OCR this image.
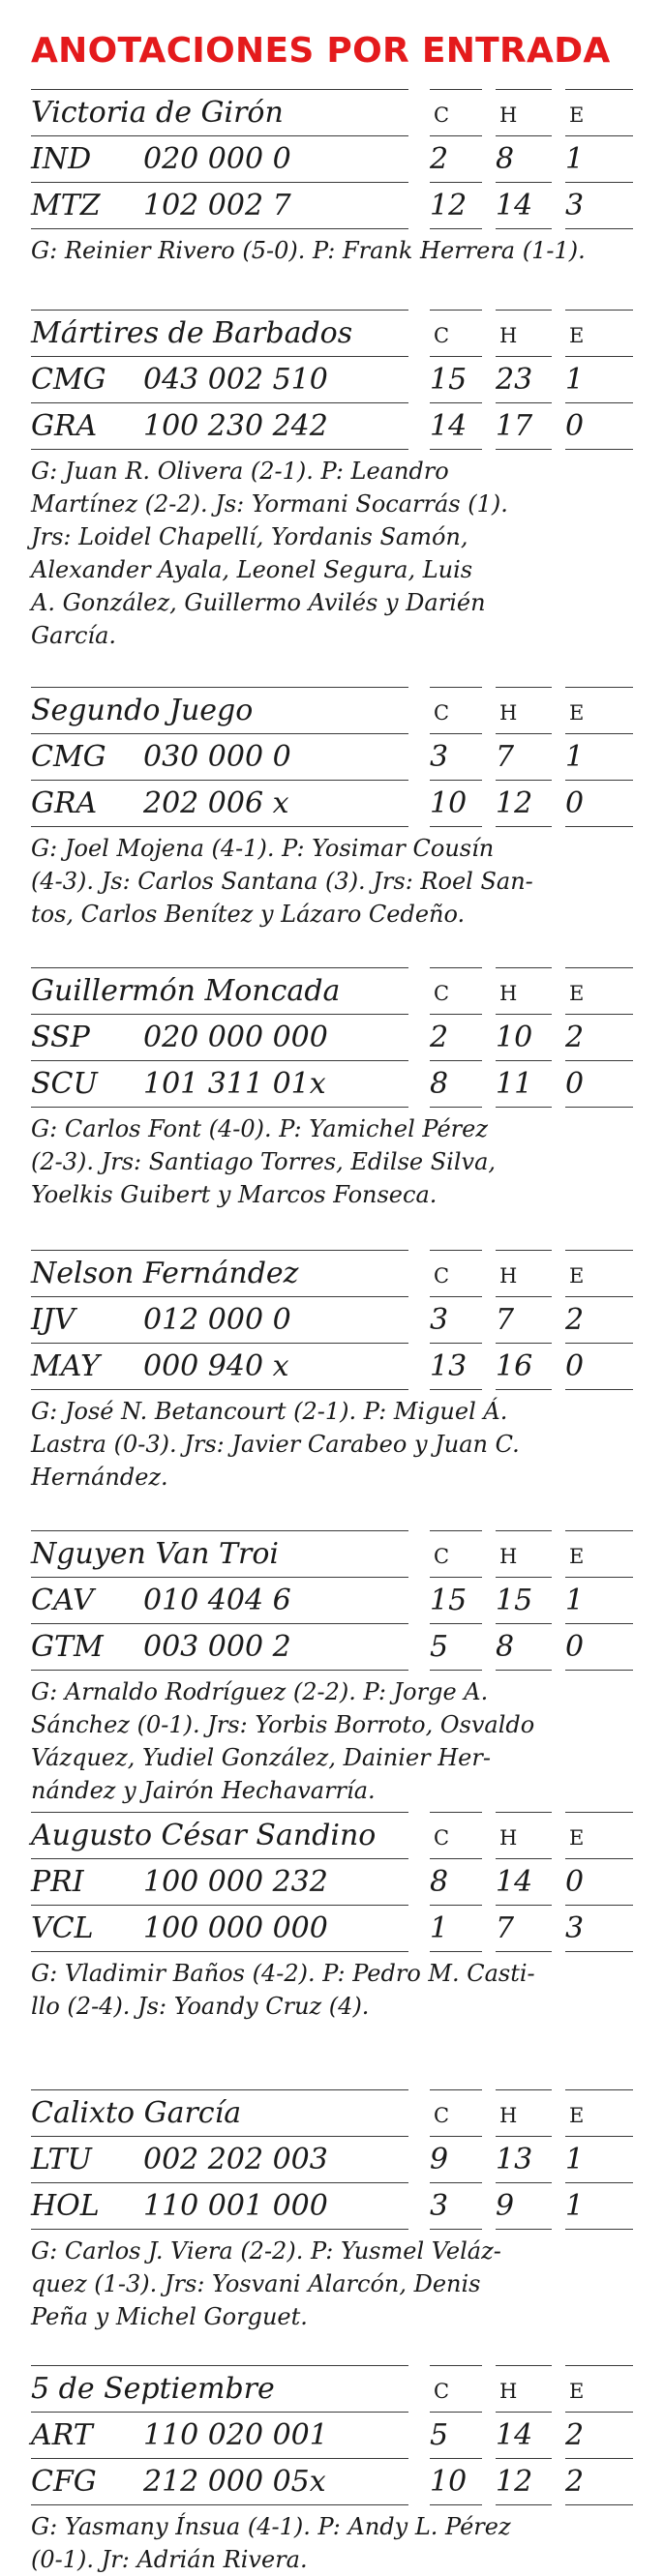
ANOTACIONES POR ENTRADA
Victoria de Girón	C H	E
IND 020 000 0	2 8 1
MTZ 102 002 7	12 14 3

G: Reinier Rivero (5-0). P: Frank Herrera (1-1).

Mártires de Barbados	C H	E
CMG 043 002 510	15 23 1
GRA 100 230 242	14 17 0

G: Juan R. Olivera (2-1). P: Leandro
Martínez (2-2). Js: Yormani Socarrás (1).
Jrs: Loidel Chapellí, Yordanis Samón,
Alexander Ayala, Leonel Segura, Luis
A. González, Guillermo Avilés y Darién
García.

Segundo Juego	C H	E
CMG 030 000 0	3 7 1
GRA 202 006 x	10 12 0

G: Joel Mojena (4-1). P: Yosimar Cousín
(4-3). Js: Carlos Santana (3). Jrs: Roel San-
tos, Carlos Benítez y Lázaro Cedeño.

Guillermón Moncada	C H	E
SSP 020 000 000	2 10 2
SCU 101 311 01x	8 11 0

G: Carlos Font (4-0). P: Yamichel Pérez
(2-3). Jrs: Santiago Torres, Edilse Silva,
Yoelkis Guibert y Marcos Fonseca.

Nelson Fernández	C H	E
IJV 012 000 0	3 7 2
MAY 000 940 x	13 16 0

G: José N. Betancourt (2-1). P: Miguel Á.
Lastra (0-3). Jrs: Javier Carabeo y Juan C.
Hernández.

Nguyen Van Troi	C H	E
CAV 010 404 6	15 15 1
GTM 003 000 2	5 8 0

G: Arnaldo Rodríguez (2-2). P: Jorge A.
Sánchez (0-1). Jrs: Yorbis Borroto, Osvaldo
Vázquez, Yudiel González, Dainier Her-
nández y Jairón Hechavarría.

Augusto César Sandino	C H	E
PRI 100 000 232	8 14 0
VCL 100 000 000	1 7 3

G: Vladimir Baños (4-2). P: Pedro M. Casti-
llo (2-4). Js: Yoandy Cruz (4).

Calixto García	C H	E
LTU 002 202 003	9 13 1
HOL 110 001 000	3 9 1

G: Carlos J. Viera (2-2). P: Yusmel Veláz-
quez (1-3). Jrs: Yosvani Alarcón, Denis
Peña y Michel Gorguet.

5 de Septiembre	C H	E
ART 110 020 001	5 14 2
CFG 212 000 05x	10 12 2

G: Yasmany Ínsua (4-1). P: Andy L. Pérez
(0-1). Jr: Adrián Rivera.
